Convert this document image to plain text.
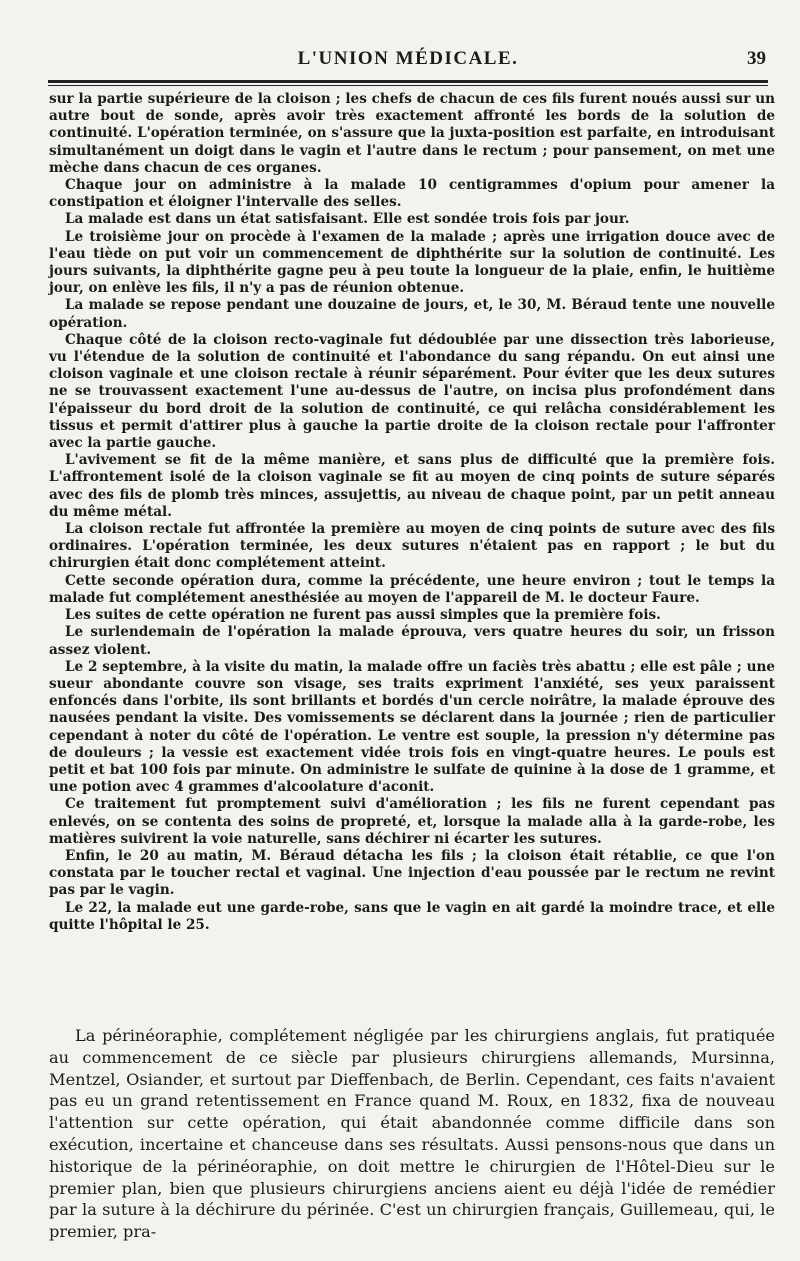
L'UNION MÉDICALE.	39

sur la partie supérieure de la cloison ; les chefs de chacun de ces fils furent noués aussi sur un autre bout de sonde, après avoir très exactement affronté les bords de la solution de continuité. L'opération terminée, on s'assure que la juxta-position est parfaite, en introduisant simultanément un doigt dans le vagin et l'autre dans le rectum ; pour pansement, on met une mèche dans chacun de ces organes.

Chaque jour on administre à la malade 10 centigrammes d'opium pour amener la constipation et éloigner l'intervalle des selles.

La malade est dans un état satisfaisant. Elle est sondée trois fois par jour.

Le troisième jour on procède à l'examen de la malade ; après une irrigation douce avec de l'eau tiède on put voir un commencement de diphthérite sur la solution de continuité. Les jours suivants, la diphthérite gagne peu à peu toute la longueur de la plaie, enfin, le huitième jour, on enlève les fils, il n'y a pas de réunion obtenue.

La malade se repose pendant une douzaine de jours, et, le 30, M. Béraud tente une nouvelle opération.

Chaque côté de la cloison recto-vaginale fut dédoublée par une dissection très laborieuse, vu l'étendue de la solution de continuité et l'abondance du sang répandu. On eut ainsi une cloison vaginale et une cloison rectale à réunir séparément. Pour éviter que les deux sutures ne se trouvassent exactement l'une au-dessus de l'autre, on incisa plus profondément dans l'épaisseur du bord droit de la solution de continuité, ce qui relâcha considérablement les tissus et permit d'attirer plus à gauche la partie droite de la cloison rectale pour l'affronter avec la partie gauche.

L'avivement se fit de la même manière, et sans plus de difficulté que la première fois. L'affrontement isolé de la cloison vaginale se fit au moyen de cinq points de suture séparés avec des fils de plomb très minces, assujettis, au niveau de chaque point, par un petit anneau du même métal.

La cloison rectale fut affrontée la première au moyen de cinq points de suture avec des fils ordinaires. L'opération terminée, les deux sutures n'étaient pas en rapport ; le but du chirurgien était donc complétement atteint.

Cette seconde opération dura, comme la précédente, une heure environ ; tout le temps la malade fut complétement anesthésiée au moyen de l'appareil de M. le docteur Faure.

Les suites de cette opération ne furent pas aussi simples que la première fois.

Le surlendemain de l'opération la malade éprouva, vers quatre heures du soir, un frisson assez violent.

Le 2 septembre, à la visite du matin, la malade offre un faciès très abattu ; elle est pâle ; une sueur abondante couvre son visage, ses traits expriment l'anxiété, ses yeux paraissent enfoncés dans l'orbite, ils sont brillants et bordés d'un cercle noirâtre, la malade éprouve des nausées pendant la visite. Des vomissements se déclarent dans la journée ; rien de particulier cependant à noter du côté de l'opération. Le ventre est souple, la pression n'y détermine pas de douleurs ; la vessie est exactement vidée trois fois en vingt-quatre heures. Le pouls est petit et bat 100 fois par minute. On administre le sulfate de quinine à la dose de 1 gramme, et une potion avec 4 grammes d'alcoolature d'aconit.

Ce traitement fut promptement suivi d'amélioration ; les fils ne furent cependant pas enlevés, on se contenta des soins de propreté, et, lorsque la malade alla à la garde-robe, les matières suivirent la voie naturelle, sans déchirer ni écarter les sutures.

Enfin, le 20 au matin, M. Béraud détacha les fils ; la cloison était rétablie, ce que l'on constata par le toucher rectal et vaginal. Une injection d'eau poussée par le rectum ne revint pas par le vagin.

Le 22, la malade eut une garde-robe, sans que le vagin en ait gardé la moindre trace, et elle quitte l'hôpital le 25.

La périnéoraphie, complétement négligée par les chirurgiens anglais, fut pratiquée au commencement de ce siècle par plusieurs chirurgiens allemands, Mursinna, Mentzel, Osiander, et surtout par Dieffenbach, de Berlin. Cependant, ces faits n'avaient pas eu un grand retentissement en France quand M. Roux, en 1832, fixa de nouveau l'attention sur cette opération, qui était abandonnée comme difficile dans son exécution, incertaine et chanceuse dans ses résultats. Aussi pensons-nous que dans un historique de la périnéoraphie, on doit mettre le chirurgien de l'Hôtel-Dieu sur le premier plan, bien que plusieurs chirurgiens anciens aient eu déjà l'idée de remédier par la suture à la déchirure du périnée. C'est un chirurgien français, Guillemeau, qui, le premier, pra-
